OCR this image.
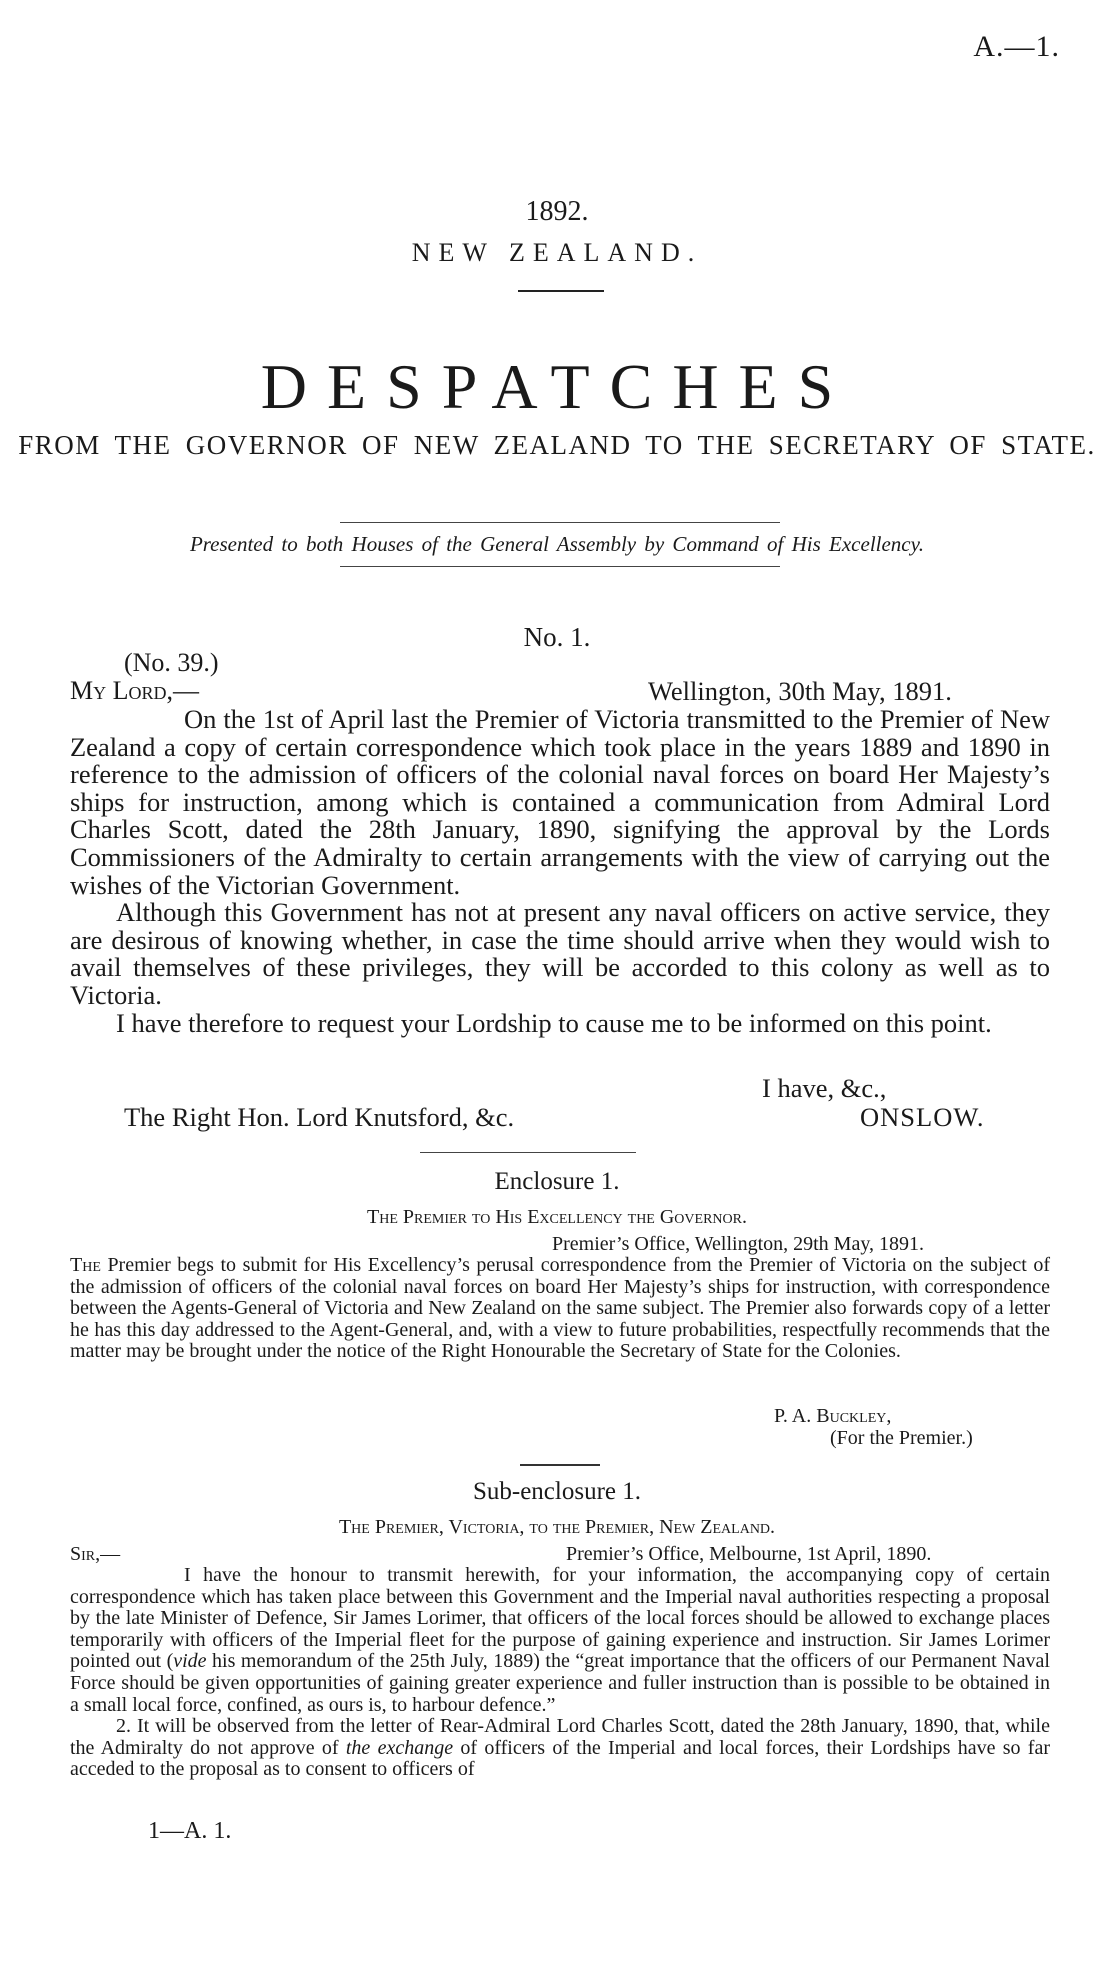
A.—1.
1892.
NEW ZEALAND.
DESPATCHES
FROM THE GOVERNOR OF NEW ZEALAND TO THE SECRETARY OF STATE.
Presented to both Houses of the General Assembly by Command of His Excellency.
No. 1.
(No. 39.)
My Lord,—	Wellington, 30th May, 1891.

On the 1st of April last the Premier of Victoria transmitted to the Premier of New Zealand a copy of certain correspondence which took place in the years 1889 and 1890 in reference to the admission of officers of the colonial naval forces on board Her Majesty’s ships for instruction, among which is contained a communication from Admiral Lord Charles Scott, dated the 28th January, 1890, signifying the approval by the Lords Commissioners of the Admiralty to certain arrangements with the view of carrying out the wishes of the Victorian Government.

Although this Government has not at present any naval officers on active service, they are desirous of knowing whether, in case the time should arrive when they would wish to avail themselves of these privileges, they will be accorded to this colony as well as to Victoria.

I have therefore to request your Lordship to cause me to be informed on this point.

I have, &c.,
The Right Hon. Lord Knutsford, &c.	ONSLOW.
Enclosure 1.
The Premier to His Excellency the Governor.
Premier’s Office, Wellington, 29th May, 1891.

The Premier begs to submit for His Excellency’s perusal correspondence from the Premier of Victoria on the subject of the admission of officers of the colonial naval forces on board Her Majesty’s ships for instruction, with correspondence between the Agents-General of Victoria and New Zealand on the same subject. The Premier also forwards copy of a letter he has this day addressed to the Agent-General, and, with a view to future probabilities, respectfully recommends that the matter may be brought under the notice of the Right Honourable the Secretary of State for the Colonies.

P. A. Buckley,
(For the Premier.)
Sub-enclosure 1.
The Premier, Victoria, to the Premier, New Zealand.
Sir,—	Premier’s Office, Melbourne, 1st April, 1890.

I have the honour to transmit herewith, for your information, the accompanying copy of certain correspondence which has taken place between this Government and the Imperial naval authorities respecting a proposal by the late Minister of Defence, Sir James Lorimer, that officers of the local forces should be allowed to exchange places temporarily with officers of the Imperial fleet for the purpose of gaining experience and instruction. Sir James Lorimer pointed out (vide his memorandum of the 25th July, 1889) the “great importance that the officers of our Permanent Naval Force should be given opportunities of gaining greater experience and fuller instruction than is possible to be obtained in a small local force, confined, as ours is, to harbour defence.”

2. It will be observed from the letter of Rear-Admiral Lord Charles Scott, dated the 28th January, 1890, that, while the Admiralty do not approve of the exchange of officers of the Imperial and local forces, their Lordships have so far acceded to the proposal as to consent to officers of

1—A. 1.
